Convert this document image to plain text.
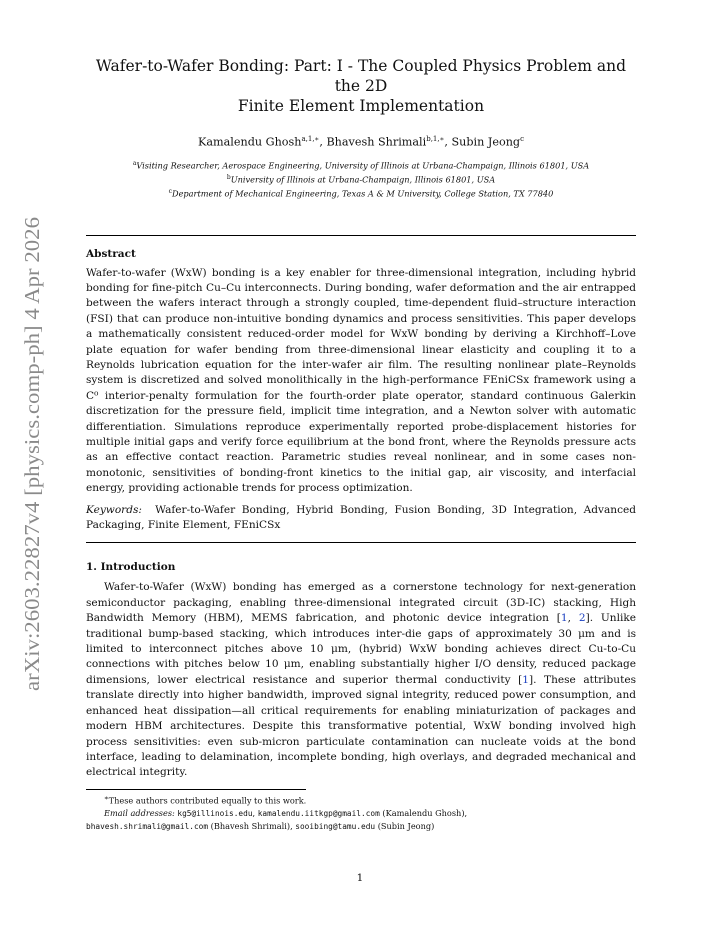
arXiv:2603.22827v4 [physics.comp-ph] 4 Apr 2026
Wafer-to-Wafer Bonding: Part: I - The Coupled Physics Problem and the 2D
Finite Element Implementation
Kamalendu Ghosh$^{a,1,∗}$, Bhavesh Shrimali$^{b,1,∗}$, Subin Jeong$^c$
$^a$Visiting Researcher, Aerospace Engineering, University of Illinois at Urbana-Champaign, Illinois 61801, USA
$^b$University of Illinois at Urbana-Champaign, Illinois 61801, USA
$^c$Department of Mechanical Engineering, Texas A & M University, College Station, TX 77840
Abstract
Wafer-to-wafer (WxW) bonding is a key enabler for three-dimensional integration, including hybrid bonding for fine-pitch Cu–Cu interconnects. During bonding, wafer deformation and the air entrapped between the wafers interact through a strongly coupled, time-dependent fluid–structure interaction (FSI) that can produce non-intuitive bonding dynamics and process sensitivities. This paper develops a mathematically consistent reduced-order model for WxW bonding by deriving a Kirchhoff–Love plate equation for wafer bending from three-dimensional linear elasticity and coupling it to a Reynolds lubrication equation for the inter-wafer air film. The resulting nonlinear plate–Reynolds system is discretized and solved monolithically in the high-performance FEniCSx framework using a C⁰ interior-penalty formulation for the fourth-order plate operator, standard continuous Galerkin discretization for the pressure field, implicit time integration, and a Newton solver with automatic differentiation. Simulations reproduce experimentally reported probe-displacement histories for multiple initial gaps and verify force equilibrium at the bond front, where the Reynolds pressure acts as an effective contact reaction. Parametric studies reveal nonlinear, and in some cases non-monotonic, sensitivities of bonding-front kinetics to the initial gap, air viscosity, and interfacial energy, providing actionable trends for process optimization.
Keywords: Wafer-to-Wafer Bonding, Hybrid Bonding, Fusion Bonding, 3D Integration, Advanced Packaging, Finite Element, FEniCSx
1. Introduction
Wafer-to-Wafer (WxW) bonding has emerged as a cornerstone technology for next-generation semiconductor packaging, enabling three-dimensional integrated circuit (3D-IC) stacking, High Bandwidth Memory (HBM), MEMS fabrication, and photonic device integration [1, 2]. Unlike traditional bump-based stacking, which introduces inter-die gaps of approximately 30 μm and is limited to interconnect pitches above 10 μm, (hybrid) WxW bonding achieves direct Cu-to-Cu connections with pitches below 10 μm, enabling substantially higher I/O density, reduced package dimensions, lower electrical resistance and superior thermal conductivity [1]. These attributes translate directly into higher bandwidth, improved signal integrity, reduced power consumption, and enhanced heat dissipation—all critical requirements for enabling miniaturization of packages and modern HBM architectures. Despite this transformative potential, WxW bonding involved high process sensitivities: even sub-micron particulate contamination can nucleate voids at the bond interface, leading to delamination, incomplete bonding, high overlays, and degraded mechanical and electrical integrity.
∗These authors contributed equally to this work.
Email addresses: kg5@illinois.edu, kamalendu.iitkgp@gmail.com (Kamalendu Ghosh),
bhavesh.shrimali@gmail.com (Bhavesh Shrimali), sooibing@tamu.edu (Subin Jeong)
1
